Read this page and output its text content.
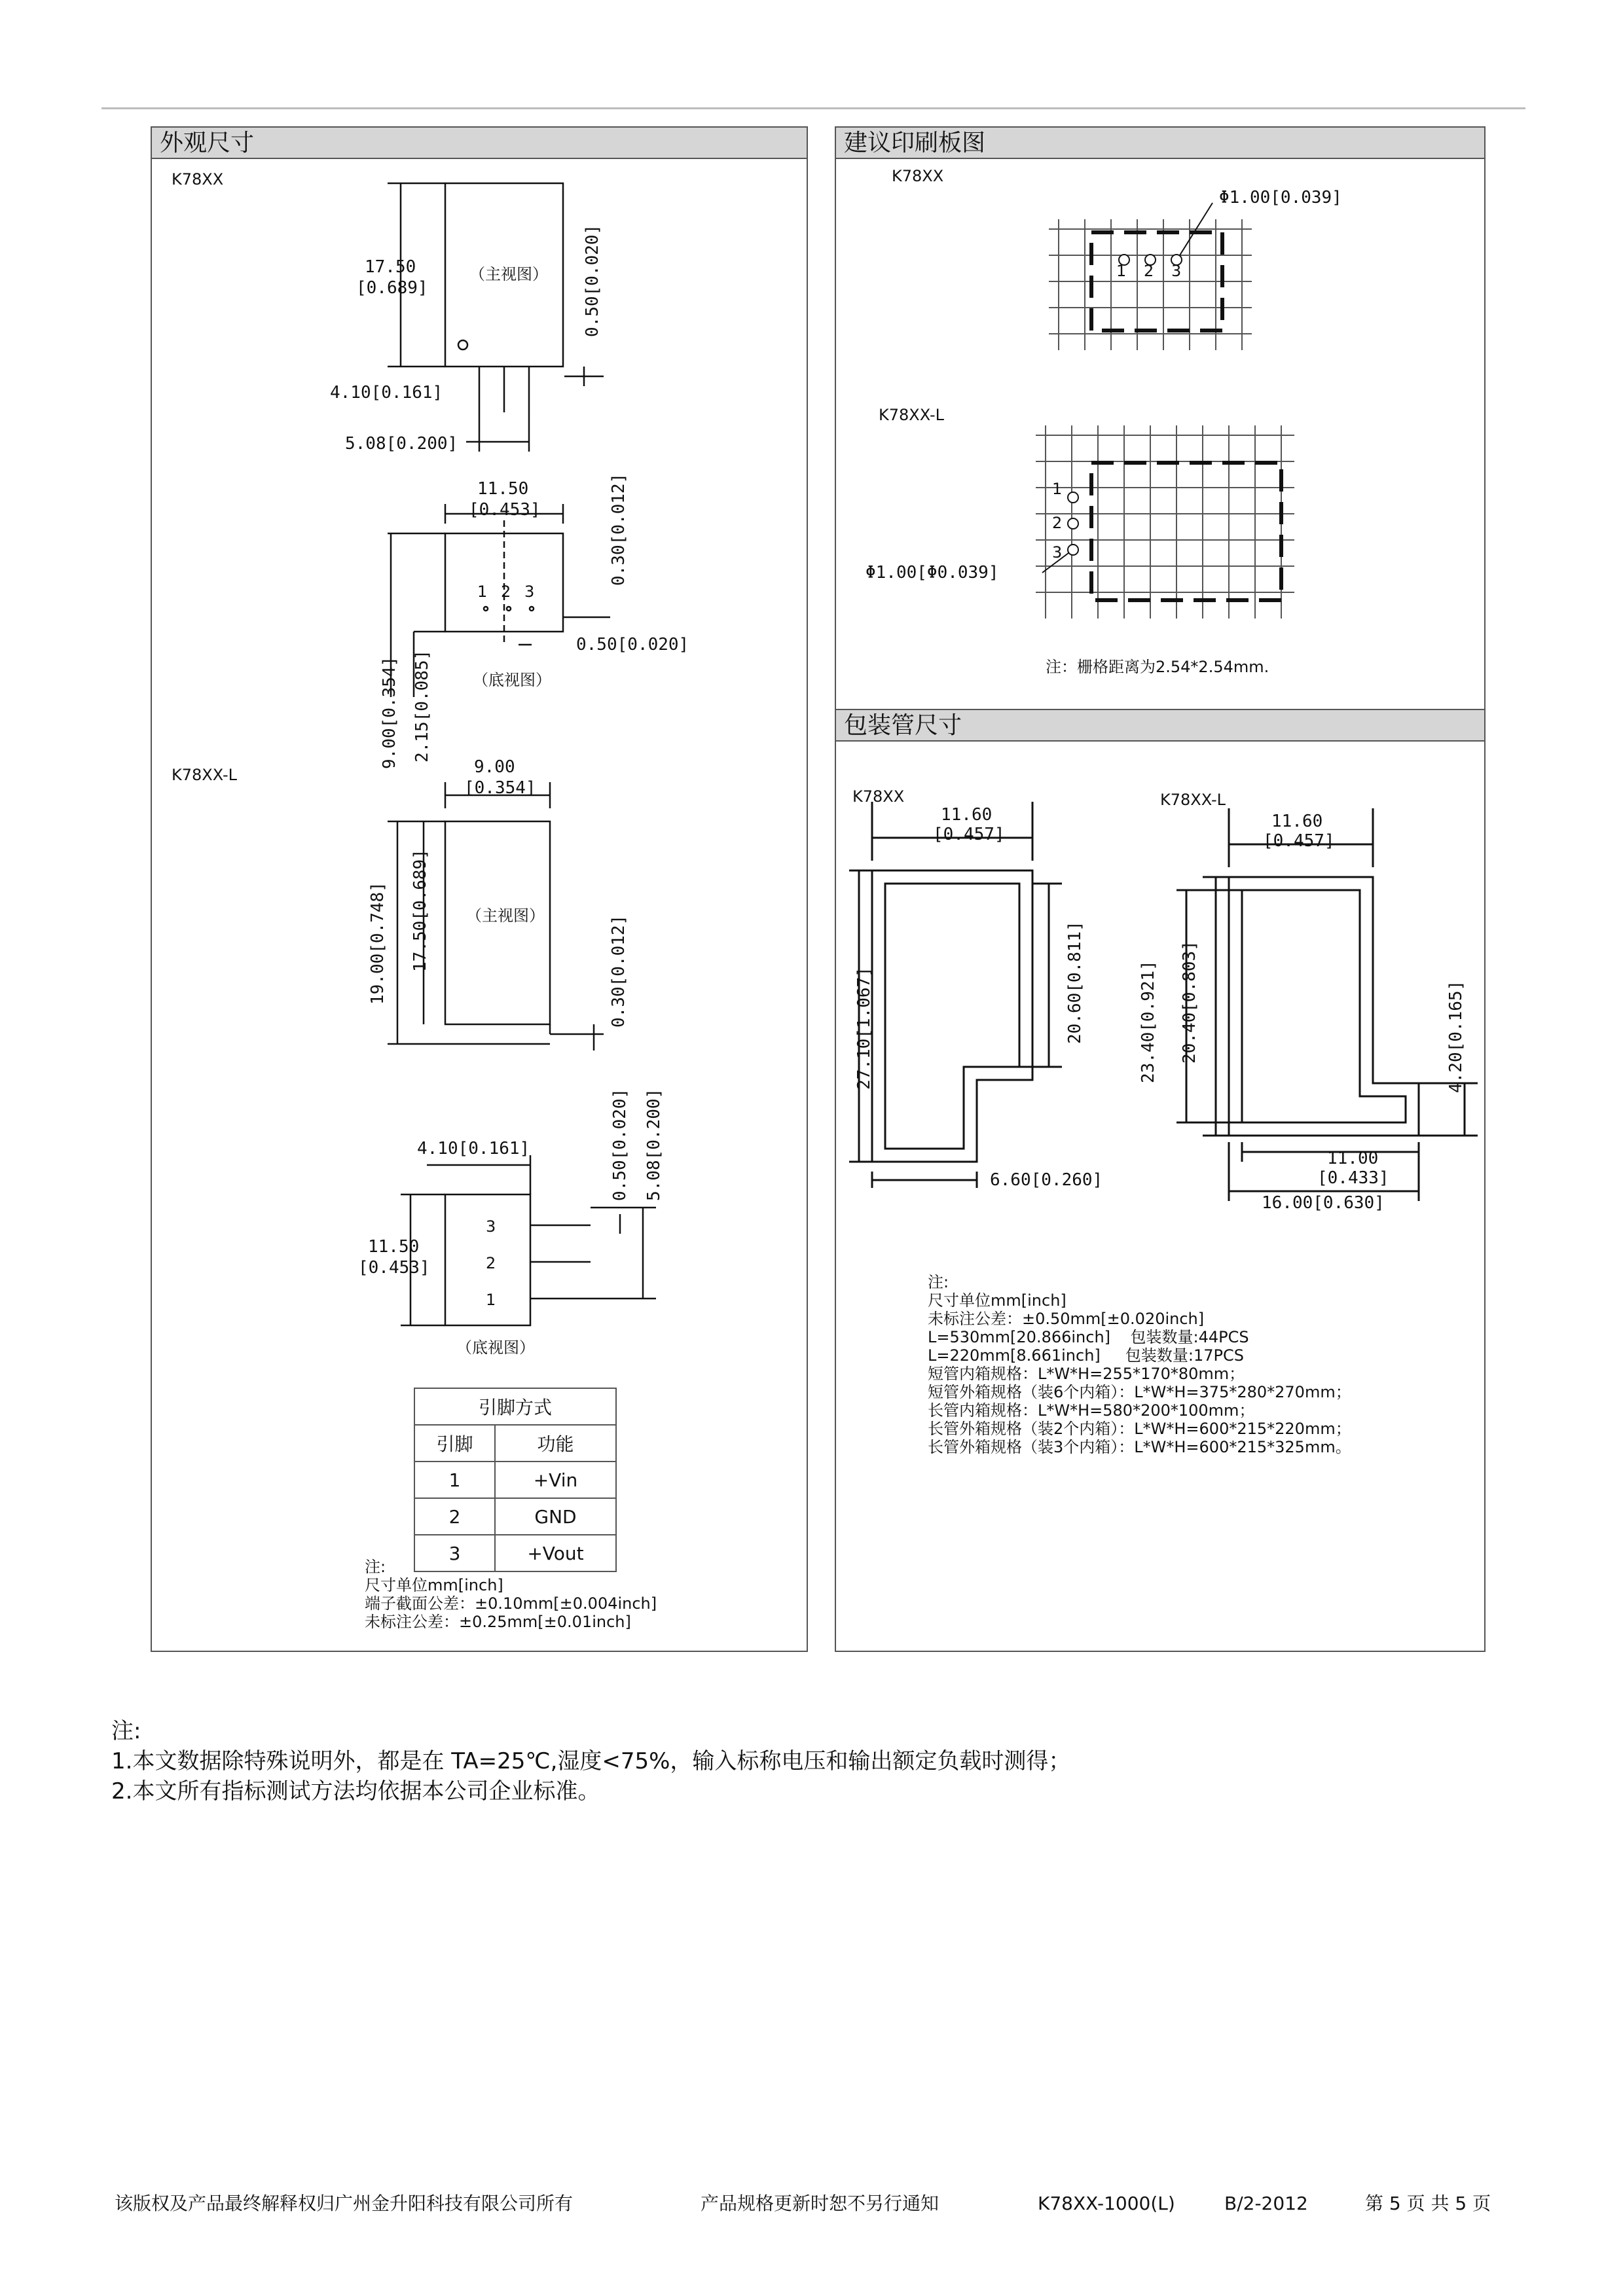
外观尺寸
K78XX
K78XX-L
（主视图）
17.50
[0.689]	0.50[0.020]
4.10[0.161]
5.08[0.200]
11.50
[0.453]	0.30[0.012]
1 2 3
0.50[0.020]
（底视图）
9.00[0.354] 2.15[0.085]
9.00
[0.354]
（主视图）
19.00[0.748] 17.50[0.689]	0.30[0.012]
4.10[0.161]	0.50[0.020] 5.08[0.200]
3
2
1
11.50
[0.453]
（底视图）
引脚方式	
引脚	功能
1	+Vin
2	GND
3	+Vout
注:
尺寸单位mm[inch]
端子截面公差：±0.10mm[±0.004inch]
未标注公差：±0.25mm[±0.01inch]
建议印刷板图
K78XX
K78XX-L
1 2 3
1
2
3
Φ1.00[0.039]
Φ1.00[Φ0.039]
注：栅格距离为2.54*2.54mm.
包装管尺寸
K78XX	K78XX-L
11.60
[0.457]
27.10[1.067]	20.60[0.811]
6.60[0.260]
11.60
[0.457]
23.40[0.921] 20.40[0.803]	4.20[0.165]
11.00
[0.433]
16.00[0.630]
注:
尺寸单位mm[inch]
未标注公差：±0.50mm[±0.020inch]
L=530mm[20.866inch]    包装数量:44PCS
L=220mm[8.661inch]     包装数量:17PCS
短管内箱规格：L*W*H=255*170*80mm；
短管外箱规格（装6个内箱）：L*W*H=375*280*270mm；
长管内箱规格：L*W*H=580*200*100mm；
长管外箱规格（装2个内箱）：L*W*H=600*215*220mm；
长管外箱规格（装3个内箱）：L*W*H=600*215*325mm。
注:
1.本文数据除特殊说明外，都是在 TA=25℃,湿度<75%，输入标称电压和输出额定负载时测得；
2.本文所有指标测试方法均依据本公司企业标准。
该版权及产品最终解释权归广州金升阳科技有限公司所有	产品规格更新时恕不另行通知	K78XX-1000(L)	B/2-2012	第 5 页 共 5 页
